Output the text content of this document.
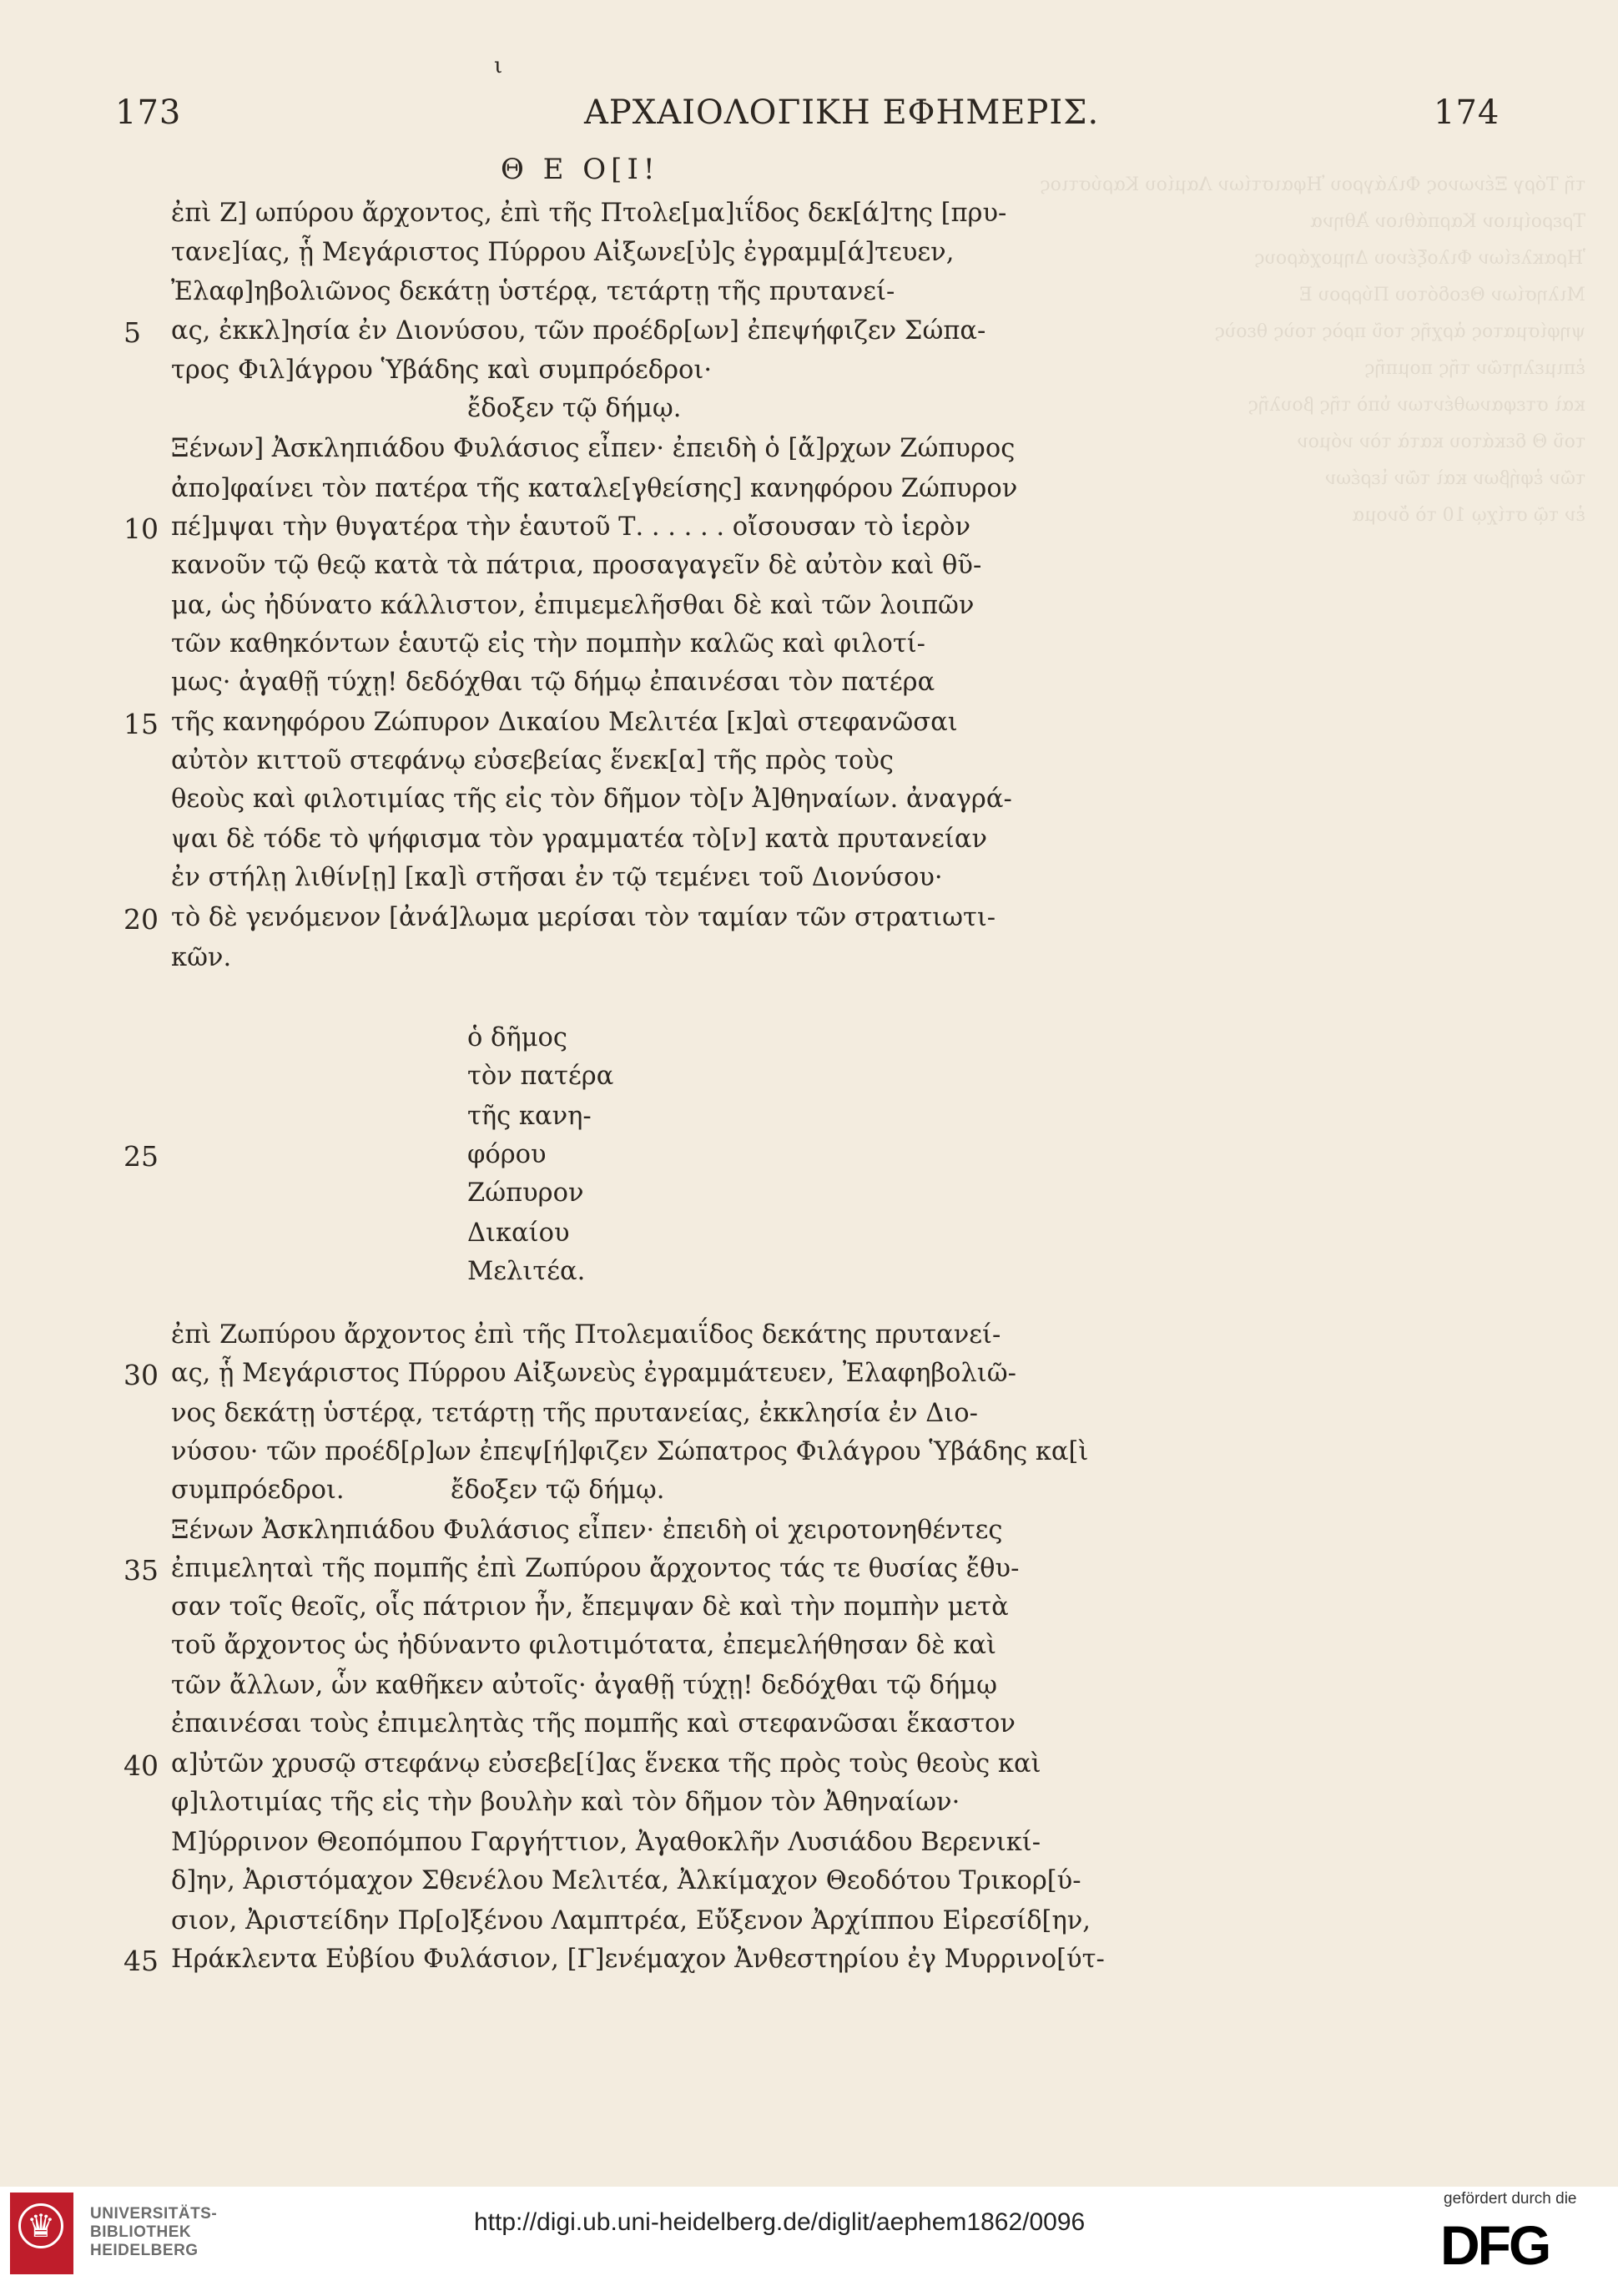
τῆ Τόργ Ξένωνος Φιλάγρου Ἡφαιστίων Λαμίου Καρύστιος
Τρεροίμιον Καρπάθιον Ἀθηνα
Ἠρακλείων Φιλοξένου Δημοχάρους
Μιλησίων Θεοδότου Πύρρου Ε
ψηφίσματος ἀρχῆς τοῦ πρὸς τοὺς θεοὺς
ἐπιμελητῶν τῆς πομπῆς
καὶ στεφανωθέντων ὑπὸ τῆς βουλῆς
τοῦ Θ δεκάτου κατὰ τὸν νόμον
τῶν ἐφήβων καὶ τῶν ἱερέων
ἐν τῷ στίχῳ 10 τὸ ὄνομα
ι
173	ΑΡΧΑΙΟΛΟΓΙΚΗ ΕΦΗΜΕΡΙΣ.	174
Θ Ε Ο[Ι!
ἐπὶ Ζ] ωπύρου ἄρχοντος, ἐπὶ τῆς Πτολε[μα]ιΐδος δεκ[ά]της [πρυ-
τανε]ίας, ᾗ Μεγάριστος Πύρρου Αἰξωνε[ὐ]ς ἐγραμμ[ά]τευεν,
Ἐλαφ]ηβολιῶνος δεκάτῃ ὑστέρᾳ, τετάρτῃ τῆς πρυτανεί-
ας, ἐκκλ]ησία ἐν Διονύσου, τῶν προέδρ[ων] ἐπεψήφιζεν Σώπα-
τρος Φιλ]άγρου Ὑβάδης καὶ συμπρόεδροι·
ἔδοξεν τῷ δήμῳ.
Ξένων] Ἀσκληπιάδου Φυλάσιος εἶπεν· ἐπειδὴ ὁ [ἄ]ρχων Ζώπυρος
ἀπο]φαίνει τὸν πατέρα τῆς καταλε[γθείσης] κανηφόρου Ζώπυρον
πέ]μψαι τὴν θυγατέρα τὴν ἑαυτοῦ Τ. . . . . . οἴσουσαν τὸ ἱερὸν
κανοῦν τῷ θεῷ κατὰ τὰ πάτρια, προσαγαγεῖν δὲ αὐτὸν καὶ θῦ-
μα, ὡς ἠδύνατο κάλλιστον, ἐπιμεμελῆσθαι δὲ καὶ τῶν λοιπῶν
τῶν καθηκόντων ἑαυτῷ εἰς τὴν πομπὴν καλῶς καὶ φιλοτί-
μως· ἀγαθῇ τύχῃ! δεδόχθαι τῷ δήμῳ ἐπαινέσαι τὸν πατέρα
τῆς κανηφόρου Ζώπυρον Δικαίου Μελιτέα [κ]αὶ στεφανῶσαι
αὐτὸν κιττοῦ στεφάνῳ εὐσεβείας ἕνεκ[α] τῆς πρὸς τοὺς
θεοὺς καὶ φιλοτιμίας τῆς εἰς τὸν δῆμον τὸ[ν Ἀ]θηναίων. ἀναγρά-
ψαι δὲ τόδε τὸ ψήφισμα τὸν γραμματέα τὸ[ν] κατὰ πρυτανείαν
ἐν στήλῃ λιθίν[ῃ] [κα]ὶ στῆσαι ἐν τῷ τεμένει τοῦ Διονύσου·
τὸ δὲ γενόμενον [ἀνά]λωμα μερίσαι τὸν ταμίαν τῶν στρατιωτι-
κῶν.
ὁ δῆμος
τὸν πατέρα
τῆς κανη-
φόρου
Ζώπυρον
Δικαίου
Μελιτέα.
ἐπὶ Ζωπύρου ἄρχοντος ἐπὶ τῆς Πτολεμαιΐδος δεκάτης πρυτανεί-
ας, ᾗ Μεγάριστος Πύρρου Αἰξωνεὺς ἐγραμμάτευεν, Ἐλαφηβολιῶ-
νος δεκάτῃ ὑστέρᾳ, τετάρτῃ τῆς πρυτανείας, ἐκκλησία ἐν Διο-
νύσου· τῶν προέδ[ρ]ων ἐπεψ[ή]φιζεν Σώπατρος Φιλάγρου Ὑβάδης κα[ὶ
συμπρόεδροι.	ἔδοξεν τῷ δήμῳ.
Ξένων Ἀσκληπιάδου Φυλάσιος εἶπεν· ἐπειδὴ οἱ χειροτονηθέντες
ἐπιμεληταὶ τῆς πομπῆς ἐπὶ Ζωπύρου ἄρχοντος τάς τε θυσίας ἔθυ-
σαν τοῖς θεοῖς, οἷς πάτριον ἦν, ἔπεμψαν δὲ καὶ τὴν πομπὴν μετὰ
τοῦ ἄρχοντος ὡς ἠδύναντο φιλοτιμότατα, ἐπεμελήθησαν δὲ καὶ
τῶν ἄλλων, ὧν καθῆκεν αὐτοῖς· ἀγαθῇ τύχῃ! δεδόχθαι τῷ δήμῳ
ἐπαινέσαι τοὺς ἐπιμελητὰς τῆς πομπῆς καὶ στεφανῶσαι ἕκαστον
α]ὐτῶν χρυσῷ στεφάνῳ εὐσεβε[ί]ας ἕνεκα τῆς πρὸς τοὺς θεοὺς καὶ
φ]ιλοτιμίας τῆς εἰς τὴν βουλὴν καὶ τὸν δῆμον τὸν Ἀθηναίων·
Μ]ύρρινον Θεοπόμπου Γαργήττιον, Ἀγαθοκλῆν Λυσιάδου Βερενικί-
δ]ην, Ἀριστόμαχον Σθενέλου Μελιτέα, Ἀλκίμαχον Θεοδότου Τρικορ[ύ-
σιον, Ἀριστείδην Πρ[ο]ξένου Λαμπτρέα, Εὔξενον Ἀρχίππου Εἰρεσίδ[ην,
Ηράκλεντα Εὐβίου Φυλάσιον, [Γ]ενέμαχον Ἀνθεστηρίου ἐγ Μυρρινο[ύτ-
5
10
15
20
25
30
35
40
45
♛	UNIVERSITÄTS-
BIBLIOTHEK
HEIDELBERG
http://digi.ub.uni-heidelberg.de/diglit/aephem1862/0096
gefördert durch die
DFG
